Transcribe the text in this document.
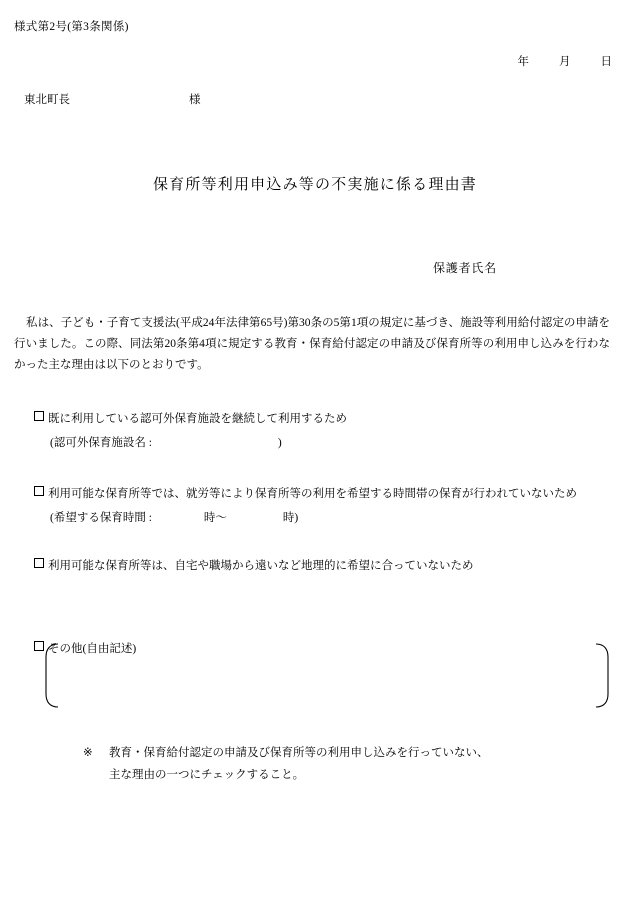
様式第2号(第3条関係)
年	月	日
東北町長	様
保育所等利用申込み等の不実施に係る理由書
保護者氏名
私は、子ども・子育て支援法(平成24年法律第65号)第30条の5第1項の規定に基づき、施設等利用給付認定の申請を行いました。この際、同法第20条第4項に規定する教育・保育給付認定の申請及び保育所等の利用申し込みを行わなかった主な理由は以下のとおりです。
既に利用している認可外保育施設を継続して利用するため
(認可外保育施設名 :	)
利用可能な保育所等では、就労等により保育所等の利用を希望する時間帯の保育が行われていないため
(希望する保育時間 :	時～	時)
利用可能な保育所等は、自宅や職場から遠いなど地理的に希望に合っていないため
その他(自由記述)
※ 教育・保育給付認定の申請及び保育所等の利用申し込みを行っていない、
主な理由の一つにチェックすること。
